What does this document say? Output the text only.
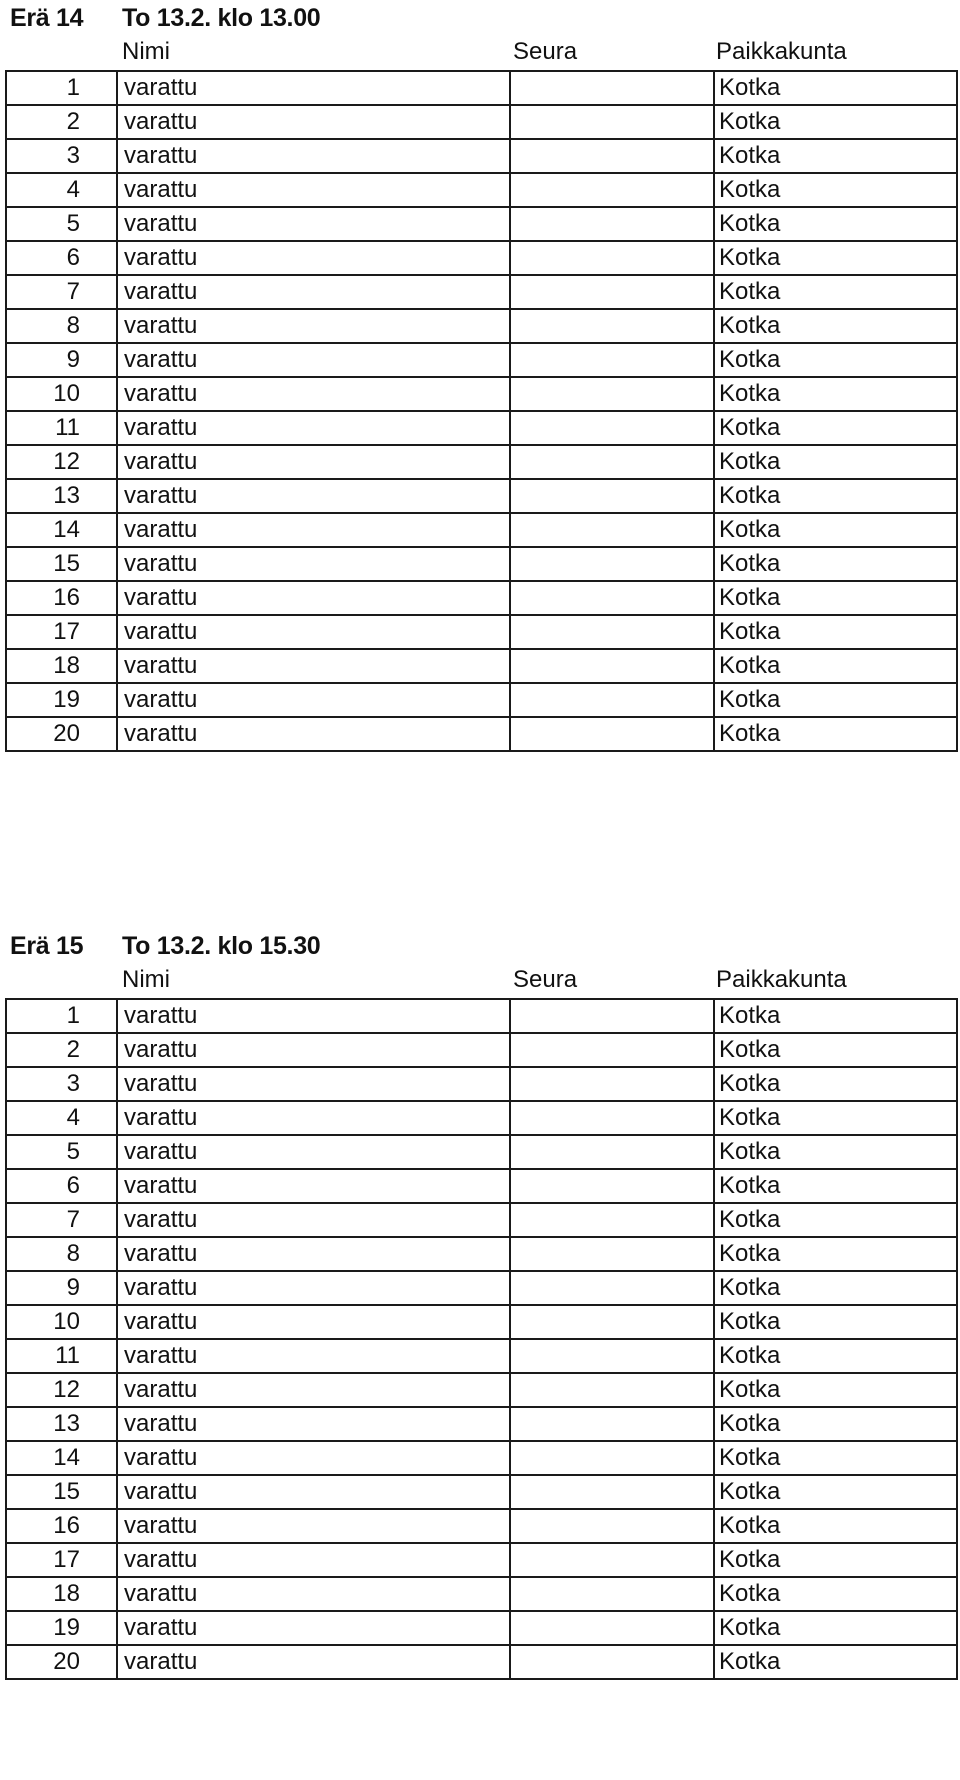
Erä 14 To 13.2. klo 13.00
Nimi	Seura	Paikkakunta
1	varattu		Kotka
2	varattu		Kotka
3	varattu		Kotka
4	varattu		Kotka
5	varattu		Kotka
6	varattu		Kotka
7	varattu		Kotka
8	varattu		Kotka
9	varattu		Kotka
10	varattu		Kotka
11	varattu		Kotka
12	varattu		Kotka
13	varattu		Kotka
14	varattu		Kotka
15	varattu		Kotka
16	varattu		Kotka
17	varattu		Kotka
18	varattu		Kotka
19	varattu		Kotka
20	varattu		Kotka
Erä 15 To 13.2. klo 15.30
Nimi	Seura	Paikkakunta
1	varattu		Kotka
2	varattu		Kotka
3	varattu		Kotka
4	varattu		Kotka
5	varattu		Kotka
6	varattu		Kotka
7	varattu		Kotka
8	varattu		Kotka
9	varattu		Kotka
10	varattu		Kotka
11	varattu		Kotka
12	varattu		Kotka
13	varattu		Kotka
14	varattu		Kotka
15	varattu		Kotka
16	varattu		Kotka
17	varattu		Kotka
18	varattu		Kotka
19	varattu		Kotka
20	varattu		Kotka
